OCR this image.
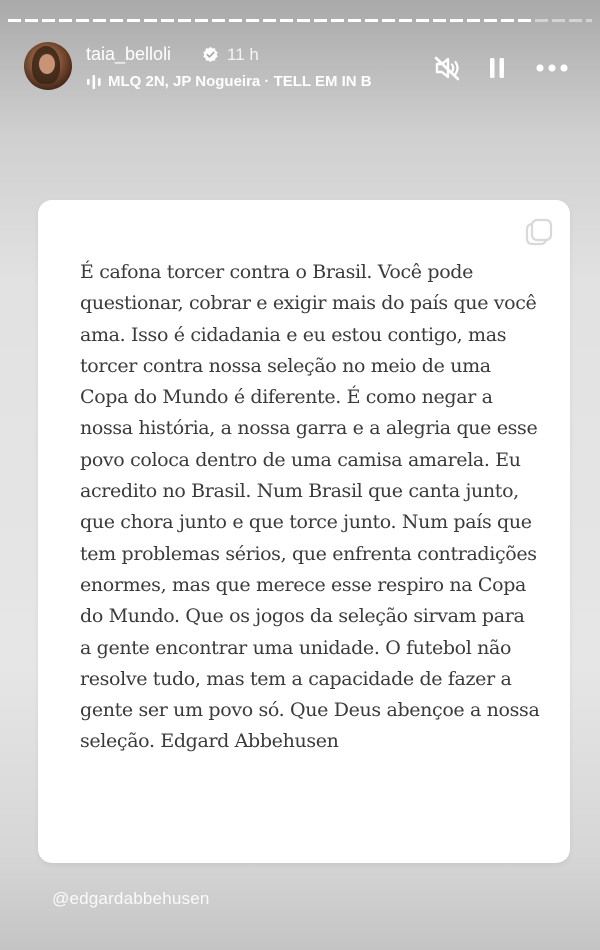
taia_belloli	11 h
MLQ 2N, JP Nogueira · TELL EM IN B

É cafona torcer contra o Brasil. Você pode questionar, cobrar e exigir mais do país que você ama. Isso é cidadania e eu estou contigo, mas torcer contra nossa seleção no meio de uma Copa do Mundo é diferente. É como negar a nossa história, a nossa garra e a alegria que esse povo coloca dentro de uma camisa amarela. Eu acredito no Brasil. Num Brasil que canta junto, que chora junto e que torce junto. Num país que tem problemas sérios, que enfrenta contradições enormes, mas que merece esse respiro na Copa do Mundo. Que os jogos da seleção sirvam para a gente encontrar uma unidade. O futebol não resolve tudo, mas tem a capacidade de fazer a gente ser um povo só. Que Deus abençoe a nossa seleção. Edgard Abbehusen

@edgardabbehusen
